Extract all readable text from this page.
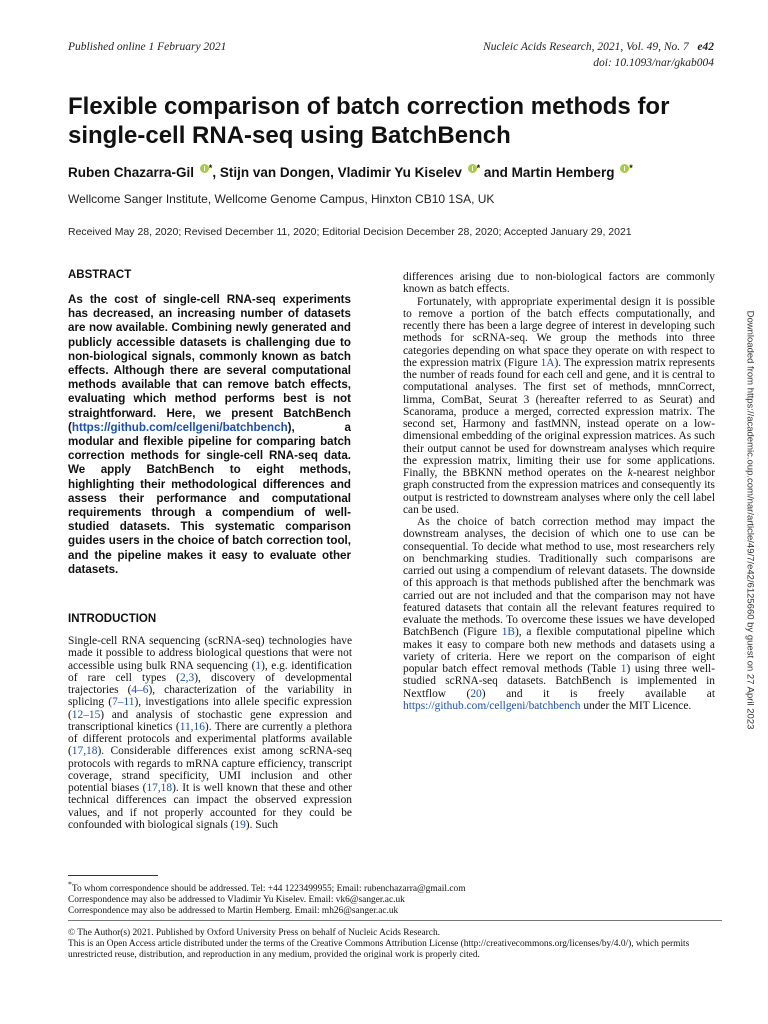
Published online 1 February 2021	Nucleic Acids Research, 2021, Vol. 49, No. 7 e42
doi: 10.1093/nar/gkab004
Flexible comparison of batch correction methods for
single-cell RNA-seq using BatchBench
Ruben Chazarra-Gil *, Stijn van Dongen, Vladimir Yu Kiselev * and Martin Hemberg *
Wellcome Sanger Institute, Wellcome Genome Campus, Hinxton CB10 1SA, UK
Received May 28, 2020; Revised December 11, 2020; Editorial Decision December 28, 2020; Accepted January 29, 2021
ABSTRACT

As the cost of single-cell RNA-seq experiments has decreased, an increasing number of datasets are now available. Combining newly generated and publicly accessible datasets is challenging due to non-biological signals, commonly known as batch effects. Although there are several computational methods available that can remove batch effects, evaluating which method performs best is not straightforward. Here, we present BatchBench (https://github.com/cellgeni/batchbench), a modular and flexible pipeline for comparing batch correction methods for single-cell RNA-seq data. We apply BatchBench to eight methods, highlighting their methodological differences and assess their performance and computational requirements through a compendium of well-studied datasets. This systematic comparison guides users in the choice of batch correction tool, and the pipeline makes it easy to evaluate other datasets.

INTRODUCTION

Single-cell RNA sequencing (scRNA-seq) technologies have made it possible to address biological questions that were not accessible using bulk RNA sequencing (1), e.g. identification of rare cell types (2,3), discovery of developmental trajectories (4–6), characterization of the variability in splicing (7–11), investigations into allele specific expression (12–15) and analysis of stochastic gene expression and transcriptional kinetics (11,16). There are currently a plethora of different protocols and experimental platforms available (17,18). Considerable differences exist among scRNA-seq protocols with regards to mRNA capture efficiency, transcript coverage, strand specificity, UMI inclusion and other potential biases (17,18). It is well known that these and other technical differences can impact the observed expression values, and if not properly accounted for they could be confounded with biological signals (19). Such

differences arising due to non-biological factors are commonly known as batch effects.

Fortunately, with appropriate experimental design it is possible to remove a portion of the batch effects computationally, and recently there has been a large degree of interest in developing such methods for scRNA-seq. We group the methods into three categories depending on what space they operate on with respect to the expression matrix (Figure 1A). The expression matrix represents the number of reads found for each cell and gene, and it is central to computational analyses. The first set of methods, mnnCorrect, limma, ComBat, Seurat 3 (hereafter referred to as Seurat) and Scanorama, produce a merged, corrected expression matrix. The second set, Harmony and fastMNN, instead operate on a low-dimensional embedding of the original expression matrices. As such their output cannot be used for downstream analyses which require the expression matrix, limiting their use for some applications. Finally, the BBKNN method operates on the k-nearest neighbor graph constructed from the expression matrices and consequently its output is restricted to downstream analyses where only the cell label can be used.

As the choice of batch correction method may impact the downstream analyses, the decision of which one to use can be consequential. To decide what method to use, most researchers rely on benchmarking studies. Traditionally such comparisons are carried out using a compendium of relevant datasets. The downside of this approach is that methods published after the benchmark was carried out are not included and that the comparison may not have featured datasets that contain all the relevant features required to evaluate the methods. To overcome these issues we have developed BatchBench (Figure 1B), a flexible computational pipeline which makes it easy to compare both new methods and datasets using a variety of criteria. Here we report on the comparison of eight popular batch effect removal methods (Table 1) using three well-studied scRNA-seq datasets. BatchBench is implemented in Nextflow (20) and it is freely available at https://github.com/cellgeni/batchbench under the MIT Licence.	Downloaded from https://academic.oup.com/nar/article/49/7/e42/6125660 by guest on 27 April 2023

*To whom correspondence should be addressed. Tel: +44 1223499955; Email: rubenchazarra@gmail.com

Correspondence may also be addressed to Vladimir Yu Kiselev. Email: vk6@sanger.ac.uk

Correspondence may also be addressed to Martin Hemberg. Email: mh26@sanger.ac.uk

© The Author(s) 2021. Published by Oxford University Press on behalf of Nucleic Acids Research.

This is an Open Access article distributed under the terms of the Creative Commons Attribution License (http://creativecommons.org/licenses/by/4.0/), which permits unrestricted reuse, distribution, and reproduction in any medium, provided the original work is properly cited.
